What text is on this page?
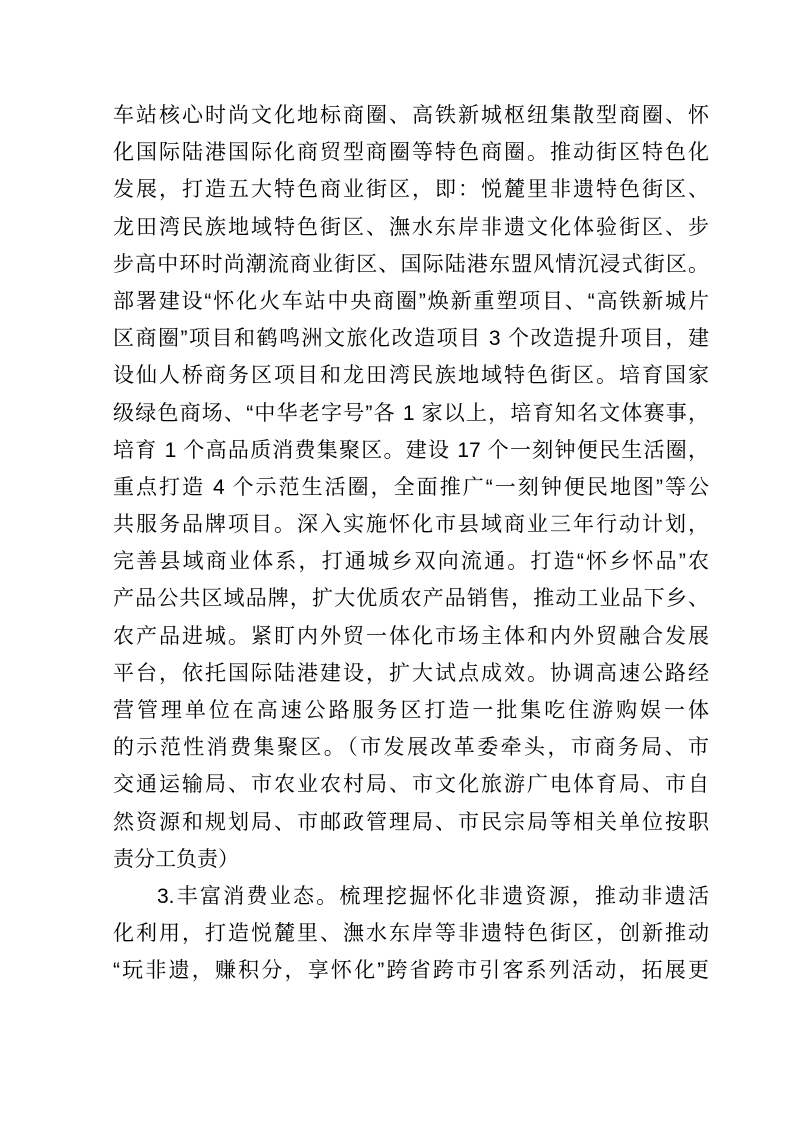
车站核心时尚文化地标商圈、高铁新城枢纽集散型商圈、怀
化国际陆港国际化商贸型商圈等特色商圈。推动街区特色化
发展，打造五大特色商业街区，即：悦麓里非遗特色街区、
龙田湾民族地域特色街区、潕水东岸非遗文化体验街区、步
步高中环时尚潮流商业街区、国际陆港东盟风情沉浸式街区。
部署建设“怀化火车站中央商圈”焕新重塑项目、“高铁新城片
区商圈”项目和鹤鸣洲文旅化改造项目 3 个改造提升项目，建
设仙人桥商务区项目和龙田湾民族地域特色街区。培育国家
级绿色商场、“中华老字号”各 1 家以上，培育知名文体赛事，
培育 1 个高品质消费集聚区。建设 17 个一刻钟便民生活圈，
重点打造 4 个示范生活圈，全面推广“一刻钟便民地图”等公
共服务品牌项目。深入实施怀化市县域商业三年行动计划，
完善县域商业体系，打通城乡双向流通。打造“怀乡怀品”农
产品公共区域品牌，扩大优质农产品销售，推动工业品下乡、
农产品进城。紧盯内外贸一体化市场主体和内外贸融合发展
平台，依托国际陆港建设，扩大试点成效。协调高速公路经
营管理单位在高速公路服务区打造一批集吃住游购娱一体
的示范性消费集聚区。（市发展改革委牵头，市商务局、市
交通运输局、市农业农村局、市文化旅游广电体育局、市自
然资源和规划局、市邮政管理局、市民宗局等相关单位按职
责分工负责）
3.丰富消费业态。梳理挖掘怀化非遗资源，推动非遗活
化利用，打造悦麓里、潕水东岸等非遗特色街区，创新推动
“玩非遗，赚积分，享怀化”跨省跨市引客系列活动，拓展更
